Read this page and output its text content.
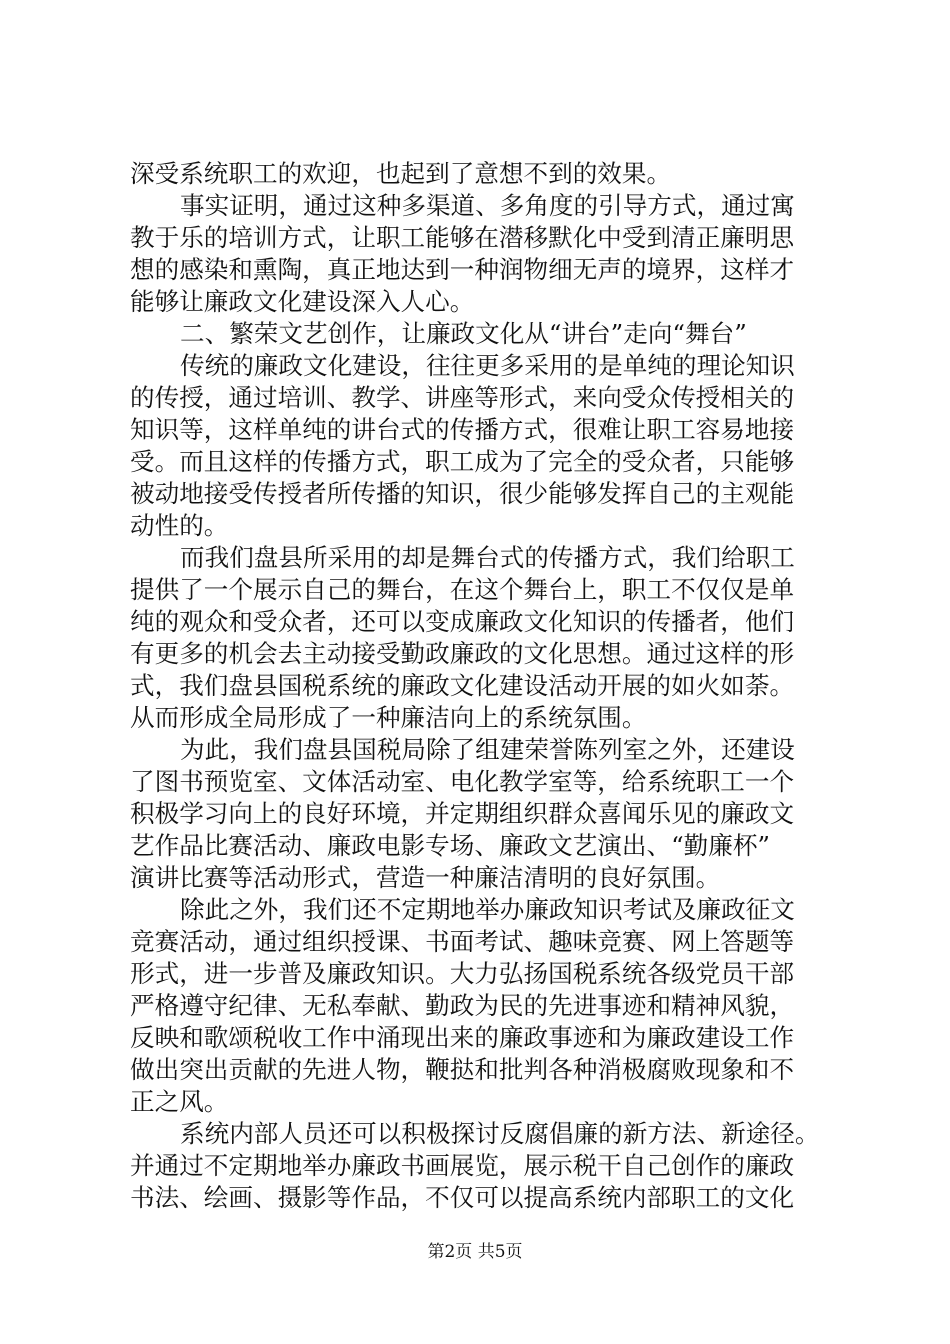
深受系统职工的欢迎，也起到了意想不到的效果。
事实证明，通过这种多渠道、多角度的引导方式，通过寓
教于乐的培训方式，让职工能够在潜移默化中受到清正廉明思
想的感染和熏陶，真正地达到一种润物细无声的境界，这样才
能够让廉政文化建设深入人心。
二、繁荣文艺创作，让廉政文化从“讲台”走向“舞台”
传统的廉政文化建设，往往更多采用的是单纯的理论知识
的传授，通过培训、教学、讲座等形式，来向受众传授相关的
知识等，这样单纯的讲台式的传播方式，很难让职工容易地接
受。而且这样的传播方式，职工成为了完全的受众者，只能够
被动地接受传授者所传播的知识，很少能够发挥自己的主观能
动性的。
而我们盘县所采用的却是舞台式的传播方式，我们给职工
提供了一个展示自己的舞台，在这个舞台上，职工不仅仅是单
纯的观众和受众者，还可以变成廉政文化知识的传播者，他们
有更多的机会去主动接受勤政廉政的文化思想。通过这样的形
式，我们盘县国税系统的廉政文化建设活动开展的如火如荼。
从而形成全局形成了一种廉洁向上的系统氛围。
为此，我们盘县国税局除了组建荣誉陈列室之外，还建设
了图书预览室、文体活动室、电化教学室等，给系统职工一个
积极学习向上的良好环境，并定期组织群众喜闻乐见的廉政文
艺作品比赛活动、廉政电影专场、廉政文艺演出、“勤廉杯”
演讲比赛等活动形式，营造一种廉洁清明的良好氛围。
除此之外，我们还不定期地举办廉政知识考试及廉政征文
竞赛活动，通过组织授课、书面考试、趣味竞赛、网上答题等
形式，进一步普及廉政知识。大力弘扬国税系统各级党员干部
严格遵守纪律、无私奉献、勤政为民的先进事迹和精神风貌，
反映和歌颂税收工作中涌现出来的廉政事迹和为廉政建设工作
做出突出贡献的先进人物，鞭挞和批判各种消极腐败现象和不
正之风。
系统内部人员还可以积极探讨反腐倡廉的新方法、新途径。
并通过不定期地举办廉政书画展览，展示税干自己创作的廉政
书法、绘画、摄影等作品，不仅可以提高系统内部职工的文化
第2页 共5页
